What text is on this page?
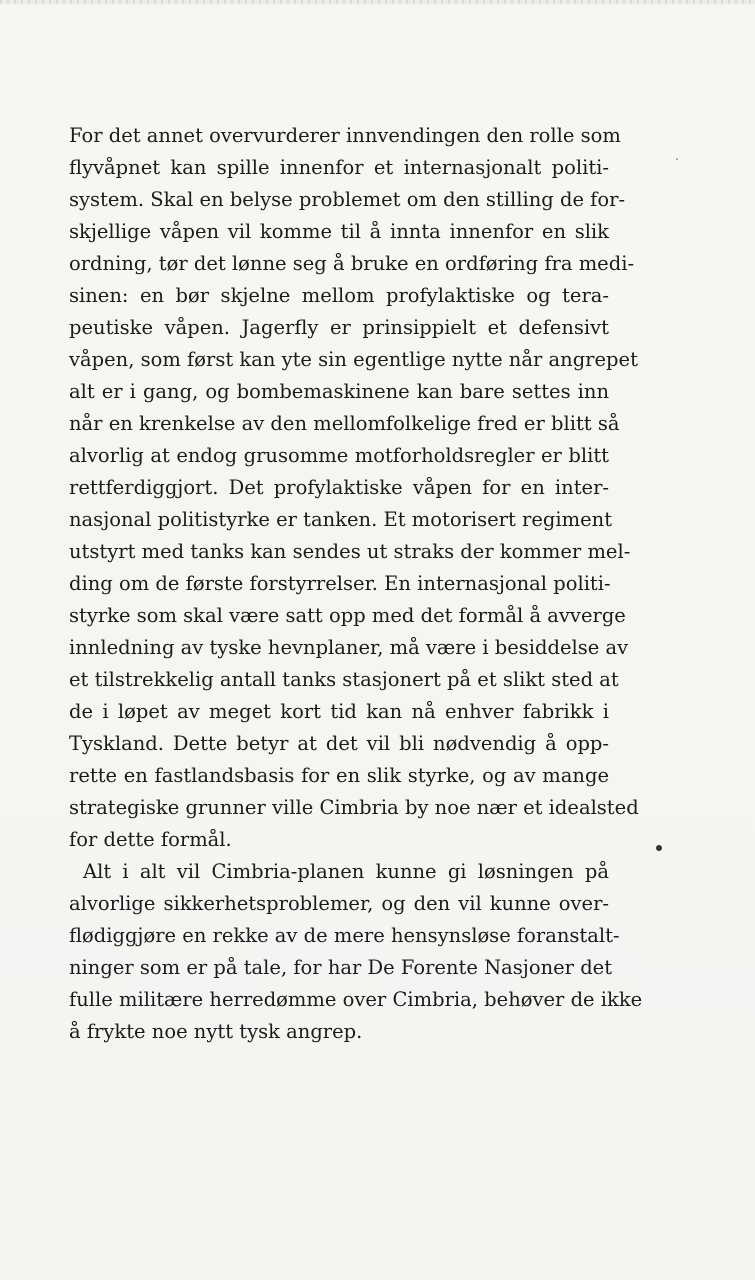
For det annet overvurderer innvendingen den rolle som
flyvåpnet kan spille innenfor et internasjonalt politi-
system. Skal en belyse problemet om den stilling de for-
skjellige våpen vil komme til å innta innenfor en slik
ordning, tør det lønne seg å bruke en ordføring fra medi-
sinen: en bør skjelne mellom profylaktiske og tera-
peutiske våpen. Jagerfly er prinsippielt et defensivt
våpen, som først kan yte sin egentlige nytte når angrepet
alt er i gang, og bombemaskinene kan bare settes inn
når en krenkelse av den mellomfolkelige fred er blitt så
alvorlig at endog grusomme motforholdsregler er blitt
rettferdiggjort. Det profylaktiske våpen for en inter-
nasjonal politistyrke er tanken. Et motorisert regiment
utstyrt med tanks kan sendes ut straks der kommer mel-
ding om de første forstyrrelser. En internasjonal politi-
styrke som skal være satt opp med det formål å avverge
innledning av tyske hevnplaner, må være i besiddelse av
et tilstrekkelig antall tanks stasjonert på et slikt sted at
de i løpet av meget kort tid kan nå enhver fabrikk i
Tyskland. Dette betyr at det vil bli nødvendig å opp-
rette en fastlandsbasis for en slik styrke, og av mange
strategiske grunner ville Cimbria by noe nær et idealsted
for dette formål.
Alt i alt vil Cimbria-planen kunne gi løsningen på
alvorlige sikkerhetsproblemer, og den vil kunne over-
flødiggjøre en rekke av de mere hensynsløse foranstalt-
ninger som er på tale, for har De Forente Nasjoner det
fulle militære herredømme over Cimbria, behøver de ikke
å frykte noe nytt tysk angrep.
